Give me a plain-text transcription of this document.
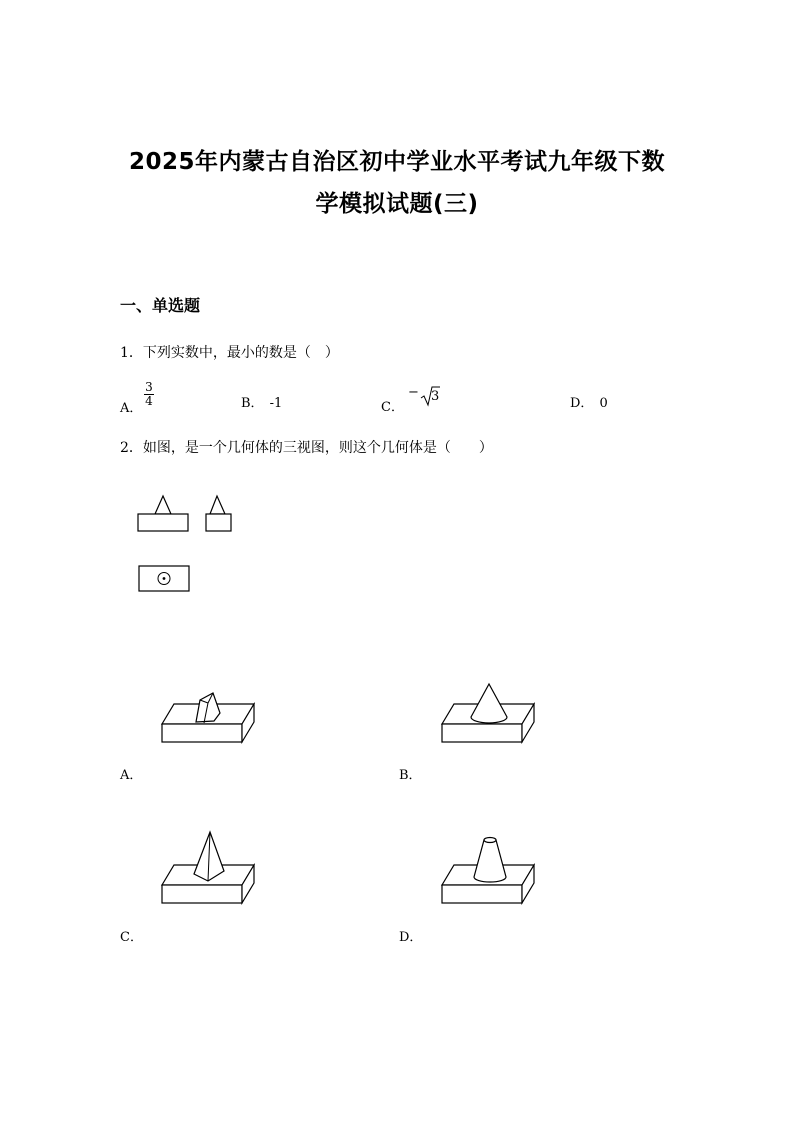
2025年内蒙古自治区初中学业水平考试九年级下数
学模拟试题(三)
一、单选题
1．下列实数中，最小的数是（　）
A．
$\frac{3}{4}$	B． -1	C．
− 3	D． 0
2．如图，是一个几何体的三视图，则这个几何体是（　　）
A．	B．
C．	D．
